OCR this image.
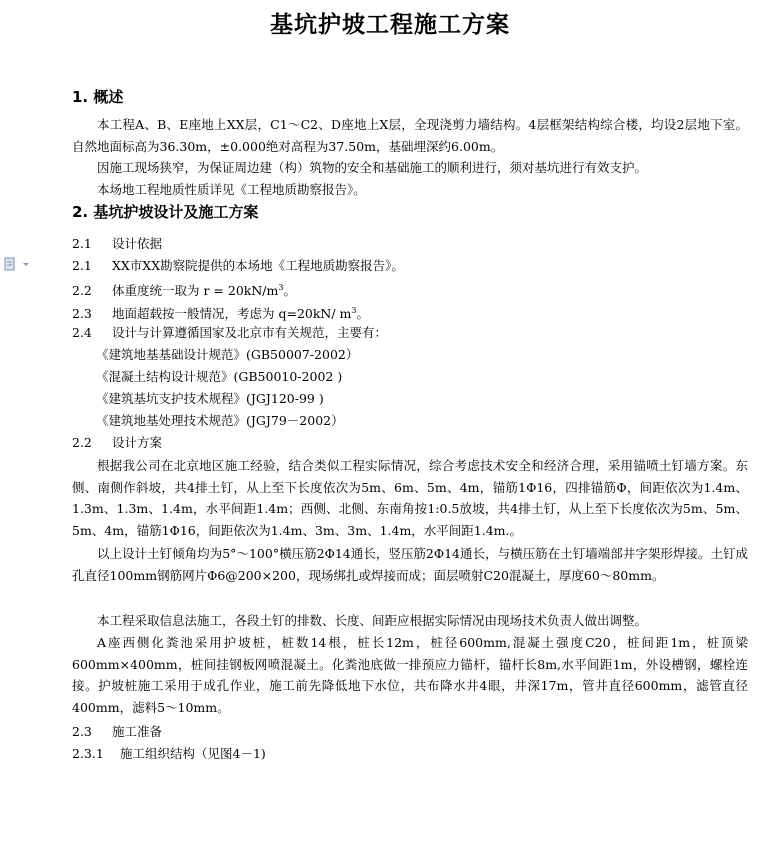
基坑护坡工程施工方案
1. 概述
本工程A、B、E座地上XX层，C1～C2、D座地上X层，全现浇剪力墙结构。4层框架结构综合楼，均设2层地下室。自然地面标高为36.30m，±0.000绝对高程为37.50m，基础埋深约6.00m。
因施工现场狭窄，为保证周边建（构）筑物的安全和基础施工的顺利进行，须对基坑进行有效支护。
本场地工程地质性质详见《工程地质勘察报告》。
2. 基坑护坡设计及施工方案
2.1 设计依据
2.1 XX市XX勘察院提供的本场地《工程地质勘察报告》。
2.2 体重度统一取为 $r = 20kN/m^3$。
2.3 地面超载按一般情况，考虑为 q=20kN/ $m^3$。
2.4 设计与计算遵循国家及北京市有关规范，主要有：
《建筑地基基础设计规范》(GB50007-2002）
《混凝土结构设计规范》(GB50010-2002 )
《建筑基坑支护技术规程》(JGJ120-99 )
《建筑地基处理技术规范》(JGJ79－2002）
2.2 设计方案
根据我公司在北京地区施工经验，结合类似工程实际情况，综合考虑技术安全和经济合理，采用锚喷土钉墙方案。东侧、南侧作斜坡，共4排土钉，从上至下长度依次为5m、6m、5m、4m，锚筋1Φ16，四排锚筋Φ，间距依次为1.4m、1.3m、1.3m、1.4m，水平间距1.4m；西侧、北侧、东南角按1:0.5放坡，共4排土钉，从上至下长度依次为5m、5m、5m、4m，锚筋1Φ16，间距依次为1.4m、3m、3m、1.4m，水平间距1.4m.。
以上设计土钉倾角均为5°～100°横压筋2Φ14通长，竖压筋2Φ14通长，与横压筋在土钉墙端部井字架形焊接。土钉成孔直径100mm钢筋网片Φ6@200×200，现场绑扎或焊接而成；面层喷射C20混凝土，厚度60～80mm。
本工程采取信息法施工，各段土钉的排数、长度、间距应根据实际情况由现场技术负责人做出调整。
A座西侧化粪池采用护坡桩，桩数14根，桩长12m，桩径600mm,混凝土强度C20，桩间距1m，桩顶梁600mm×400mm，桩间挂钢板网喷混凝土。化粪池底做一排预应力锚杆，锚杆长8m,水平间距1m，外设槽钢，螺栓连接。护坡桩施工采用于成孔作业，施工前先降低地下水位，共布降水井4眼，井深17m，管井直径600mm，滤管直径400mm，滤料5～10mm。
2.3 施工准备
2.3.1 施工组织结构（见图4－1)
